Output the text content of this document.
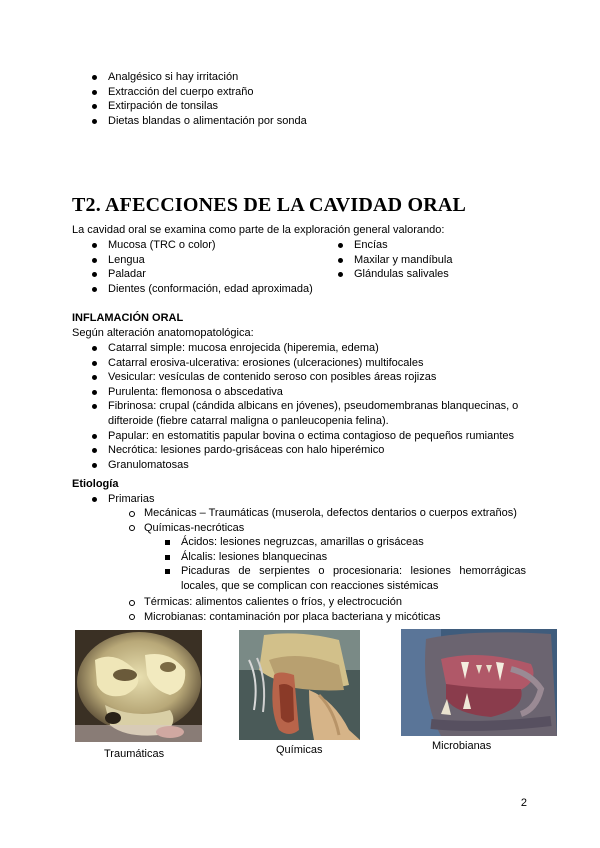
Analgésico si hay irritación
Extracción del cuerpo extraño
Extirpación de tonsilas
Dietas blandas o alimentación por sonda
T2. AFECCIONES DE LA CAVIDAD ORAL
La cavidad oral se examina como parte de la exploración general valorando:
Mucosa (TRC o color)
Lengua
Paladar
Dientes (conformación, edad aproximada)
Encías
Maxilar y mandíbula
Glándulas salivales
INFLAMACIÓN ORAL
Según alteración anatomopatológica:
Catarral simple: mucosa enrojecida (hiperemia, edema)
Catarral erosiva-ulcerativa: erosiones (ulceraciones) multifocales
Vesicular: vesículas de contenido seroso con posibles áreas rojizas
Purulenta: flemonosa o abscedativa
Fibrinosa: crupal (cándida albicans en jóvenes), pseudomembranas blanquecinas, o difteroide (fiebre catarral maligna o panleucopenia felina).
Papular: en estomatitis papular bovina o ectima contagioso de pequeños rumiantes
Necrótica: lesiones pardo-grisáceas con halo hiperémico
Granulomatosas
Etiología
Primarias
Mecánicas – Traumáticas (muserola, defectos dentarios o cuerpos extraños)
Químicas-necróticas
Ácidos: lesiones negruzcas, amarillas o grisáceas
Álcalis: lesiones blanquecinas
Picaduras de serpientes o procesionaria: lesiones hemorrágicas locales, que se complican con reacciones sistémicas
Térmicas: alimentos calientes o fríos, y electrocución
Microbianas: contaminación por placa bacteriana y micóticas
Traumáticas	Químicas	Microbianas
2
